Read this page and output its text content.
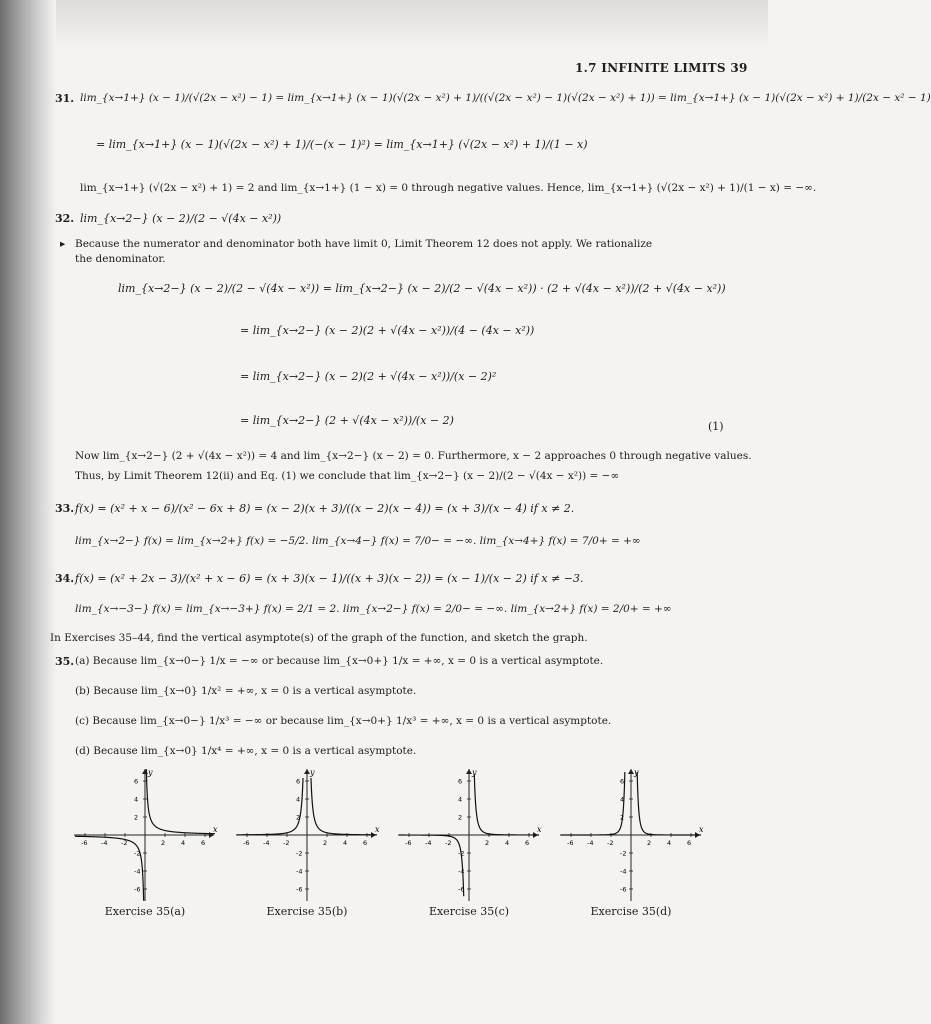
1.7 INFINITE LIMITS 39
31. lim_{x→1+} (x − 1)/(√(2x − x²) − 1) = lim_{x→1+} (x − 1)(√(2x − x²) + 1)/((√(2x − x²) − 1)(√(2x − x²) + 1)) = lim_{x→1+} (x − 1)(√(2x − x²) + 1)/(2x − x² − 1)
= lim_{x→1+} (x − 1)(√(2x − x²) + 1)/(−(x − 1)²) = lim_{x→1+} (√(2x − x²) + 1)/(1 − x)
lim_{x→1+} (√(2x − x²) + 1) = 2 and lim_{x→1+} (1 − x) = 0 through negative values. Hence, lim_{x→1+} (√(2x − x²) + 1)/(1 − x) = −∞.
32. lim_{x→2−} (x − 2)/(2 − √(4x − x²))
▸ Because the numerator and denominator both have limit 0, Limit Theorem 12 does not apply. We rationalize
the denominator.
lim_{x→2−} (x − 2)/(2 − √(4x − x²)) = lim_{x→2−} (x − 2)/(2 − √(4x − x²)) · (2 + √(4x − x²))/(2 + √(4x − x²))
= lim_{x→2−} (x − 2)(2 + √(4x − x²))/(4 − (4x − x²))
= lim_{x→2−} (x − 2)(2 + √(4x − x²))/(x − 2)²
= lim_{x→2−} (2 + √(4x − x²))/(x − 2)	(1)
Now lim_{x→2−} (2 + √(4x − x²)) = 4 and lim_{x→2−} (x − 2) = 0. Furthermore, x − 2 approaches 0 through negative values.
Thus, by Limit Theorem 12(ii) and Eq. (1) we conclude that lim_{x→2−} (x − 2)/(2 − √(4x − x²)) = −∞
33. f(x) = (x² + x − 6)/(x² − 6x + 8) = (x − 2)(x + 3)/((x − 2)(x − 4)) = (x + 3)/(x − 4) if x ≠ 2.
lim_{x→2−} f(x) = lim_{x→2+} f(x) = −5/2. lim_{x→4−} f(x) = 7/0− = −∞. lim_{x→4+} f(x) = 7/0+ = +∞
34. f(x) = (x² + 2x − 3)/(x² + x − 6) = (x + 3)(x − 1)/((x + 3)(x − 2)) = (x − 1)/(x − 2) if x ≠ −3.
lim_{x→−3−} f(x) = lim_{x→−3+} f(x) = 2/1 = 2. lim_{x→2−} f(x) = 2/0− = −∞. lim_{x→2+} f(x) = 2/0+ = +∞
In Exercises 35–44, find the vertical asymptote(s) of the graph of the function, and sketch the graph.
35. (a) Because lim_{x→0−} 1/x = −∞ or because lim_{x→0+} 1/x = +∞, x = 0 is a vertical asymptote.
(b) Because lim_{x→0} 1/x² = +∞, x = 0 is a vertical asymptote.
(c) Because lim_{x→0−} 1/x³ = −∞ or because lim_{x→0+} 1/x³ = +∞, x = 0 is a vertical asymptote.
(d) Because lim_{x→0} 1/x⁴ = +∞, x = 0 is a vertical asymptote.
x
y
-6 -4 -2	2 4 6
6
4
2
-2
-4
-6
x
y
-6 -4 -2	2 4 6
6
4
2
-2
-4
-6
x
y
-6 -4 -2	2 4 6
6
4
2
-2
-4
-6
x
y
-6 -4 -2	2 4 6
6
4
2
-2
-4
-6
Exercise 35(a)	Exercise 35(b)	Exercise 35(c)	Exercise 35(d)
